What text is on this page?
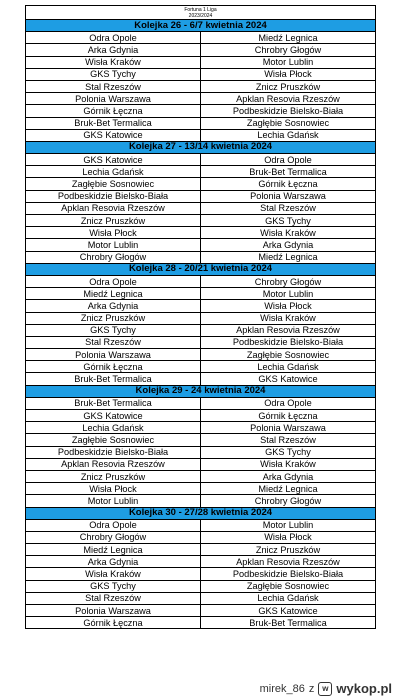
Fortuna 1 Liga
2023/2024
Kolejka 26 - 6/7 kwietnia 2024	
Odra Opole	Miedź Legnica
Arka Gdynia	Chrobry Głogów
Wisła Kraków	Motor Lublin
GKS Tychy	Wisła Płock
Stal Rzeszów	Znicz Pruszków
Polonia Warszawa	Apklan Resovia Rzeszów
Górnik Łęczna	Podbeskidzie Bielsko-Biała
Bruk-Bet Termalica	Zagłębie Sosnowiec
GKS Katowice	Lechia Gdańsk
Kolejka 27 - 13/14 kwietnia 2024	
GKS Katowice	Odra Opole
Lechia Gdańsk	Bruk-Bet Termalica
Zagłębie Sosnowiec	Górnik Łęczna
Podbeskidzie Bielsko-Biała	Polonia Warszawa
Apklan Resovia Rzeszów	Stal Rzeszów
Znicz Pruszków	GKS Tychy
Wisła Płock	Wisła Kraków
Motor Lublin	Arka Gdynia
Chrobry Głogów	Miedź Legnica
Kolejka 28 - 20/21 kwietnia 2024	
Odra Opole	Chrobry Głogów
Miedź Legnica	Motor Lublin
Arka Gdynia	Wisła Płock
Znicz Pruszków	Wisła Kraków
GKS Tychy	Apklan Resovia Rzeszów
Stal Rzeszów	Podbeskidzie Bielsko-Biała
Polonia Warszawa	Zagłębie Sosnowiec
Górnik Łęczna	Lechia Gdańsk
Bruk-Bet Termalica	GKS Katowice
Kolejka 29 - 24 kwietnia 2024	
Bruk-Bet Termalica	Odra Opole
GKS Katowice	Górnik Łęczna
Lechia Gdańsk	Polonia Warszawa
Zagłębie Sosnowiec	Stal Rzeszów
Podbeskidzie Bielsko-Biała	GKS Tychy
Apklan Resovia Rzeszów	Wisła Kraków
Znicz Pruszków	Arka Gdynia
Wisła Płock	Miedź Legnica
Motor Lublin	Chrobry Głogów
Kolejka 30 - 27/28 kwietnia 2024	
Odra Opole	Motor Lublin
Chrobry Głogów	Wisła Płock
Miedź Legnica	Znicz Pruszków
Arka Gdynia	Apklan Resovia Rzeszów
Wisła Kraków	Podbeskidzie Bielsko-Biała
GKS Tychy	Zagłębie Sosnowiec
Stal Rzeszów	Lechia Gdańsk
Polonia Warszawa	GKS Katowice
Górnik Łęczna	Bruk-Bet Termalica
mirek_86 z w wykop.pl
